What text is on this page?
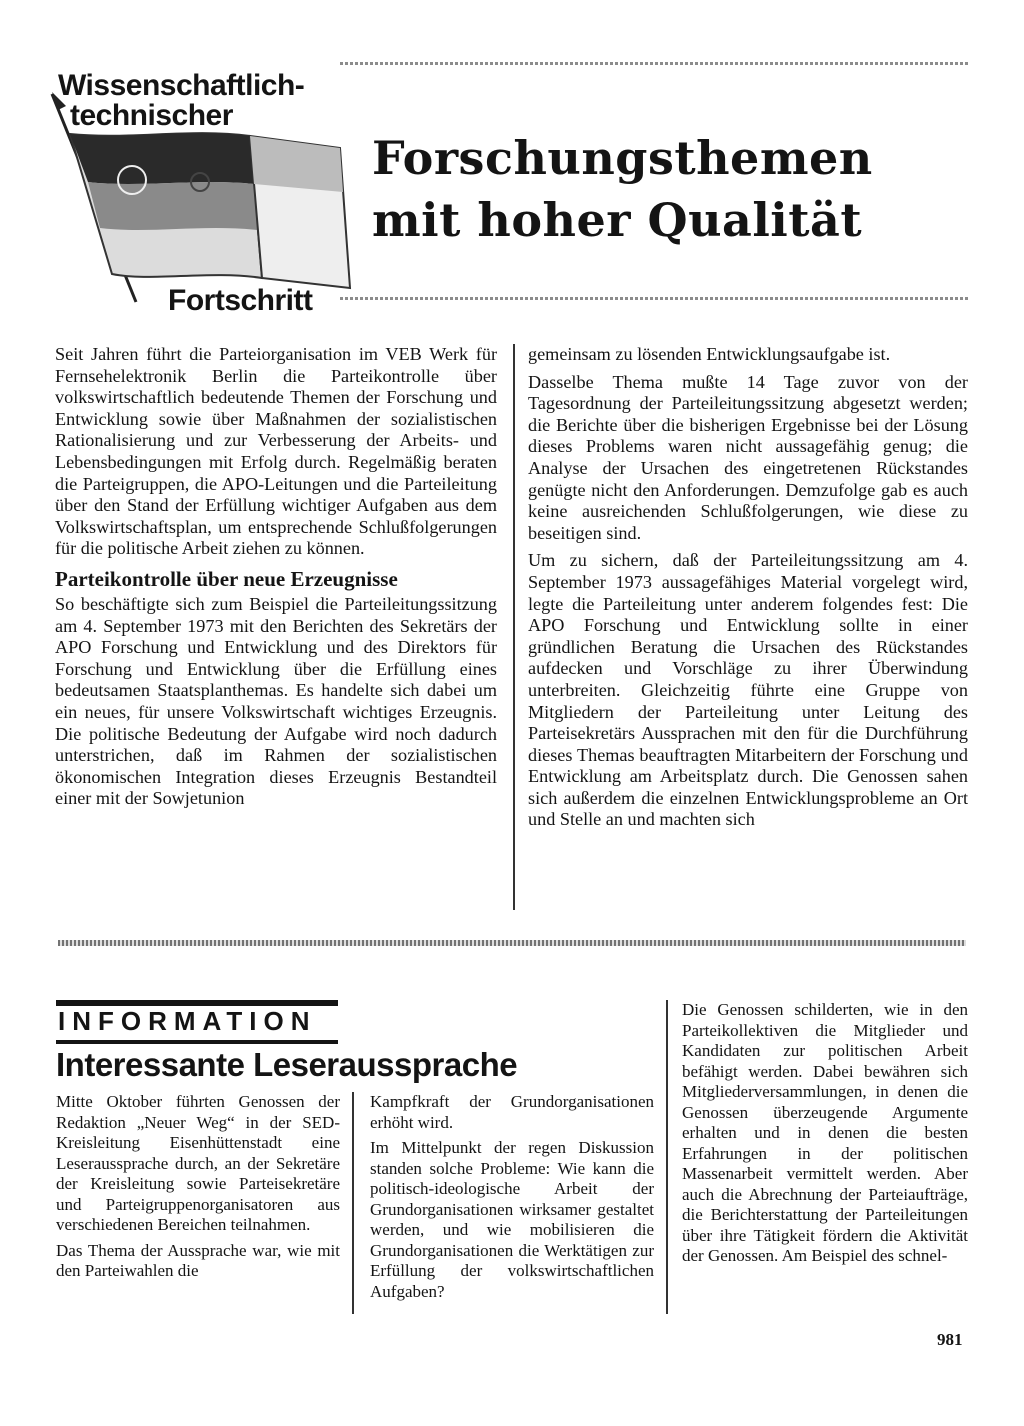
Wissenschaftlich-
technischer
Fortschritt
Forschungsthemen
mit hoher Qualität

Seit Jahren führt die Parteiorganisation im VEB Werk für Fernsehelektronik Berlin die Parteikontrolle über volkswirtschaftlich bedeutende Themen der Forschung und Entwicklung sowie über Maßnahmen der sozialistischen Rationalisierung und zur Verbesserung der Arbeits- und Lebensbedingungen mit Erfolg durch. Regelmäßig beraten die Parteigruppen, die APO-Leitungen und die Parteileitung über den Stand der Erfüllung wichtiger Aufgaben aus dem Volkswirtschaftsplan, um entsprechende Schlußfolgerungen für die politische Arbeit ziehen zu können.

Parteikontrolle über neue Erzeugnisse

So beschäftigte sich zum Beispiel die Parteileitungssitzung am 4. September 1973 mit den Berichten des Sekretärs der APO Forschung und Entwicklung und des Direktors für Forschung und Entwicklung über die Erfüllung eines bedeutsamen Staatsplanthemas. Es handelte sich dabei um ein neues, für unsere Volkswirtschaft wichtiges Erzeugnis. Die politische Bedeutung der Aufgabe wird noch dadurch unterstrichen, daß im Rahmen der sozialistischen ökonomischen Integration dieses Erzeugnis Bestandteil einer mit der Sowjetunion

gemeinsam zu lösenden Entwicklungsaufgabe ist.

Dasselbe Thema mußte 14 Tage zuvor von der Tagesordnung der Parteileitungssitzung abgesetzt werden; die Berichte über die bisherigen Ergebnisse bei der Lösung dieses Problems waren nicht aussagefähig genug; die Analyse der Ursachen des eingetretenen Rückstandes genügte nicht den Anforderungen. Demzufolge gab es auch keine ausreichenden Schlußfolgerungen, wie diese zu beseitigen sind.

Um zu sichern, daß der Parteileitungssitzung am 4. September 1973 aussagefähiges Material vorgelegt wird, legte die Parteileitung unter anderem folgendes fest: Die APO Forschung und Entwicklung sollte in einer gründlichen Beratung die Ursachen des Rückstandes aufdecken und Vorschläge zu ihrer Überwindung unterbreiten. Gleichzeitig führte eine Gruppe von Mitgliedern der Parteileitung unter Leitung des Parteisekretärs Aussprachen mit den für die Durchführung dieses Themas beauftragten Mitarbeitern der Forschung und Entwicklung am Arbeitsplatz durch. Die Genossen sahen sich außerdem die einzelnen Entwicklungsprobleme an Ort und Stelle an und machten sich

INFORMATION
Interessante Leseraussprache

Mitte Oktober führten Genossen der Redaktion „Neuer Weg“ in der SED-Kreisleitung Eisenhüttenstadt eine Leseraussprache durch, an der Sekretäre der Kreisleitung sowie Parteisekretäre und Parteigruppenorganisatoren aus verschiedenen Bereichen teilnahmen.

Das Thema der Aussprache war, wie mit den Parteiwahlen die

Kampfkraft der Grundorganisationen erhöht wird.

Im Mittelpunkt der regen Diskussion standen solche Probleme: Wie kann die politisch-ideologische Arbeit der Grundorganisationen wirksamer gestaltet werden, und wie mobilisieren die Grundorganisationen die Werktätigen zur Erfüllung der volkswirtschaftlichen Aufgaben?

Die Genossen schilderten, wie in den Parteikollektiven die Mitglieder und Kandidaten zur politischen Arbeit befähigt werden. Dabei bewähren sich Mitgliederversammlungen, in denen die Genossen überzeugende Argumente erhalten und in denen die besten Erfahrungen in der politischen Massenarbeit vermittelt werden. Aber auch die Abrechnung der Parteiaufträge, die Berichterstattung der Parteileitungen über ihre Tätigkeit fördern die Aktivität der Genossen. Am Beispiel des schnel-

981
